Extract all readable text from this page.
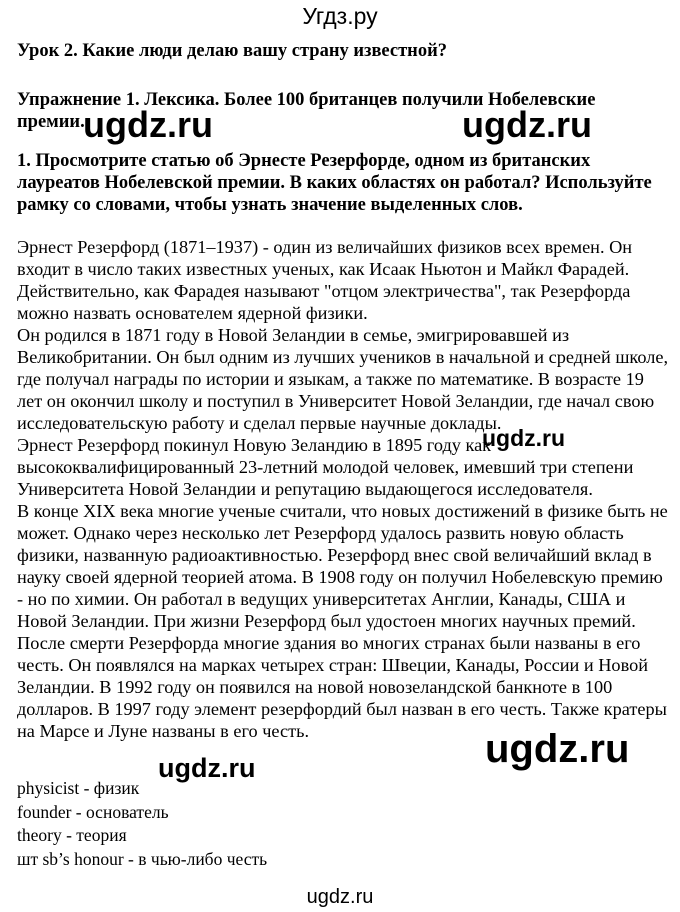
Угдз.ру
Урок 2. Какие люди делаю вашу страну известной?
Упражнение 1. Лексика. Более 100 британцев получили Нобелевские премии.

1. Просмотрите статью об Эрнесте Резерфорде, одном из британских лауреатов Нобелевской премии. В каких областях он работал? Используйте рамку со словами, чтобы узнать значение выделенных слов.

Эрнест Резерфорд (1871–1937) - один из величайших физиков всех времен. Он входит в число таких известных ученых, как Исаак Ньютон и Майкл Фарадей. Действительно, как Фарадея называют "отцом электричества", так Резерфорда можно назвать основателем ядерной физики.

Он родился в 1871 году в Новой Зеландии в семье, эмигрировавшей из Великобритании. Он был одним из лучших учеников в начальной и средней школе, где получал награды по истории и языкам, а также по математике. В возрасте 19 лет он окончил школу и поступил в Университет Новой Зеландии, где начал свою исследовательскую работу и сделал первые научные доклады.

Эрнест Резерфорд покинул Новую Зеландию в 1895 году как высококвалифицированный 23-летний молодой человек, имевший три степени Университета Новой Зеландии и репутацию выдающегося исследователя.

В конце XIX века многие ученые считали, что новых достижений в физике быть не может. Однако через несколько лет Резерфорд удалось развить новую область физики, названную радиоактивностью. Резерфорд внес свой величайший вклад в науку своей ядерной теорией атома. В 1908 году он получил Нобелевскую премию - но по химии. Он работал в ведущих университетах Англии, Канады, США и Новой Зеландии. При жизни Резерфорд был удостоен многих научных премий.

После смерти Резерфорда многие здания во многих странах были названы в его честь. Он появлялся на марках четырех стран: Швеции, Канады, России и Новой Зеландии. В 1992 году он появился на новой новозеландской банкноте в 100 долларов. В 1997 году элемент резерфордий был назван в его честь. Также кратеры на Марсе и Луне названы в его честь.

physicist - физик
founder - основатель
theory - теория
шт sb’s honour - в чью-либо честь
ugdz.ru	ugdz.ru
ugdz.ru
ugdz.ru
ugdz.ru
ugdz.ru
